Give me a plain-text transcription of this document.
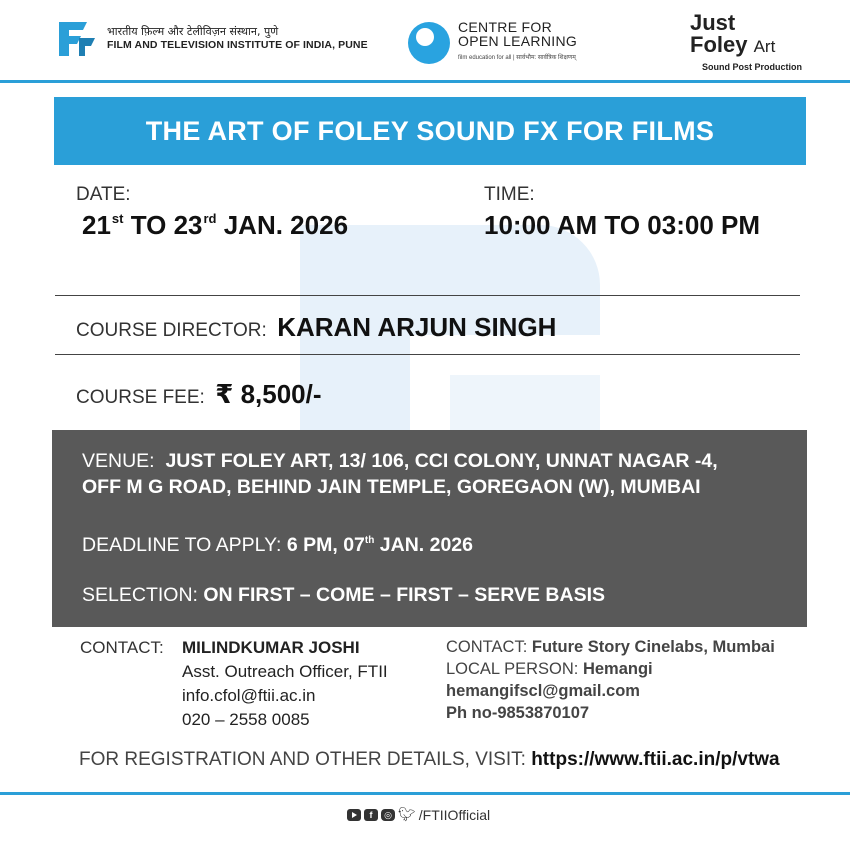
भारतीय फ़िल्म और टेलीविज़न संस्थान, पुणे
FILM AND TELEVISION INSTITUTE OF INDIA, PUNE
CENTRE FOR
OPEN LEARNING
film education for all | सार्वभौम: सार्वत्रिक शिक्षणम्
Just
Foley Art
Sound Post Production
THE ART OF FOLEY SOUND FX FOR FILMS
DATE:
21st TO 23rd JAN. 2026
TIME:
10:00 AM TO 03:00 PM
COURSE DIRECTOR: KARAN ARJUN SINGH
COURSE FEE: ₹ 8,500/-
VENUE: JUST FOLEY ART, 13/ 106, CCI COLONY, UNNAT NAGAR -4,
OFF M G ROAD, BEHIND JAIN TEMPLE, GOREGAON (W), MUMBAI
DEADLINE TO APPLY: 6 PM, 07th JAN. 2026
SELECTION: ON FIRST – COME – FIRST – SERVE BASIS
CONTACT: MILINDKUMAR JOSHI
Asst. Outreach Officer, FTII
info.cfol@ftii.ac.in
020 – 2558 0085
CONTACT: Future Story Cinelabs, Mumbai
LOCAL PERSON: Hemangi
hemangifscl@gmail.com
Ph no-9853870107
FOR REGISTRATION AND OTHER DETAILS, VISIT: https://www.ftii.ac.in/p/vtwa
f	◎ 🐦︎ /FTIIOfficial
